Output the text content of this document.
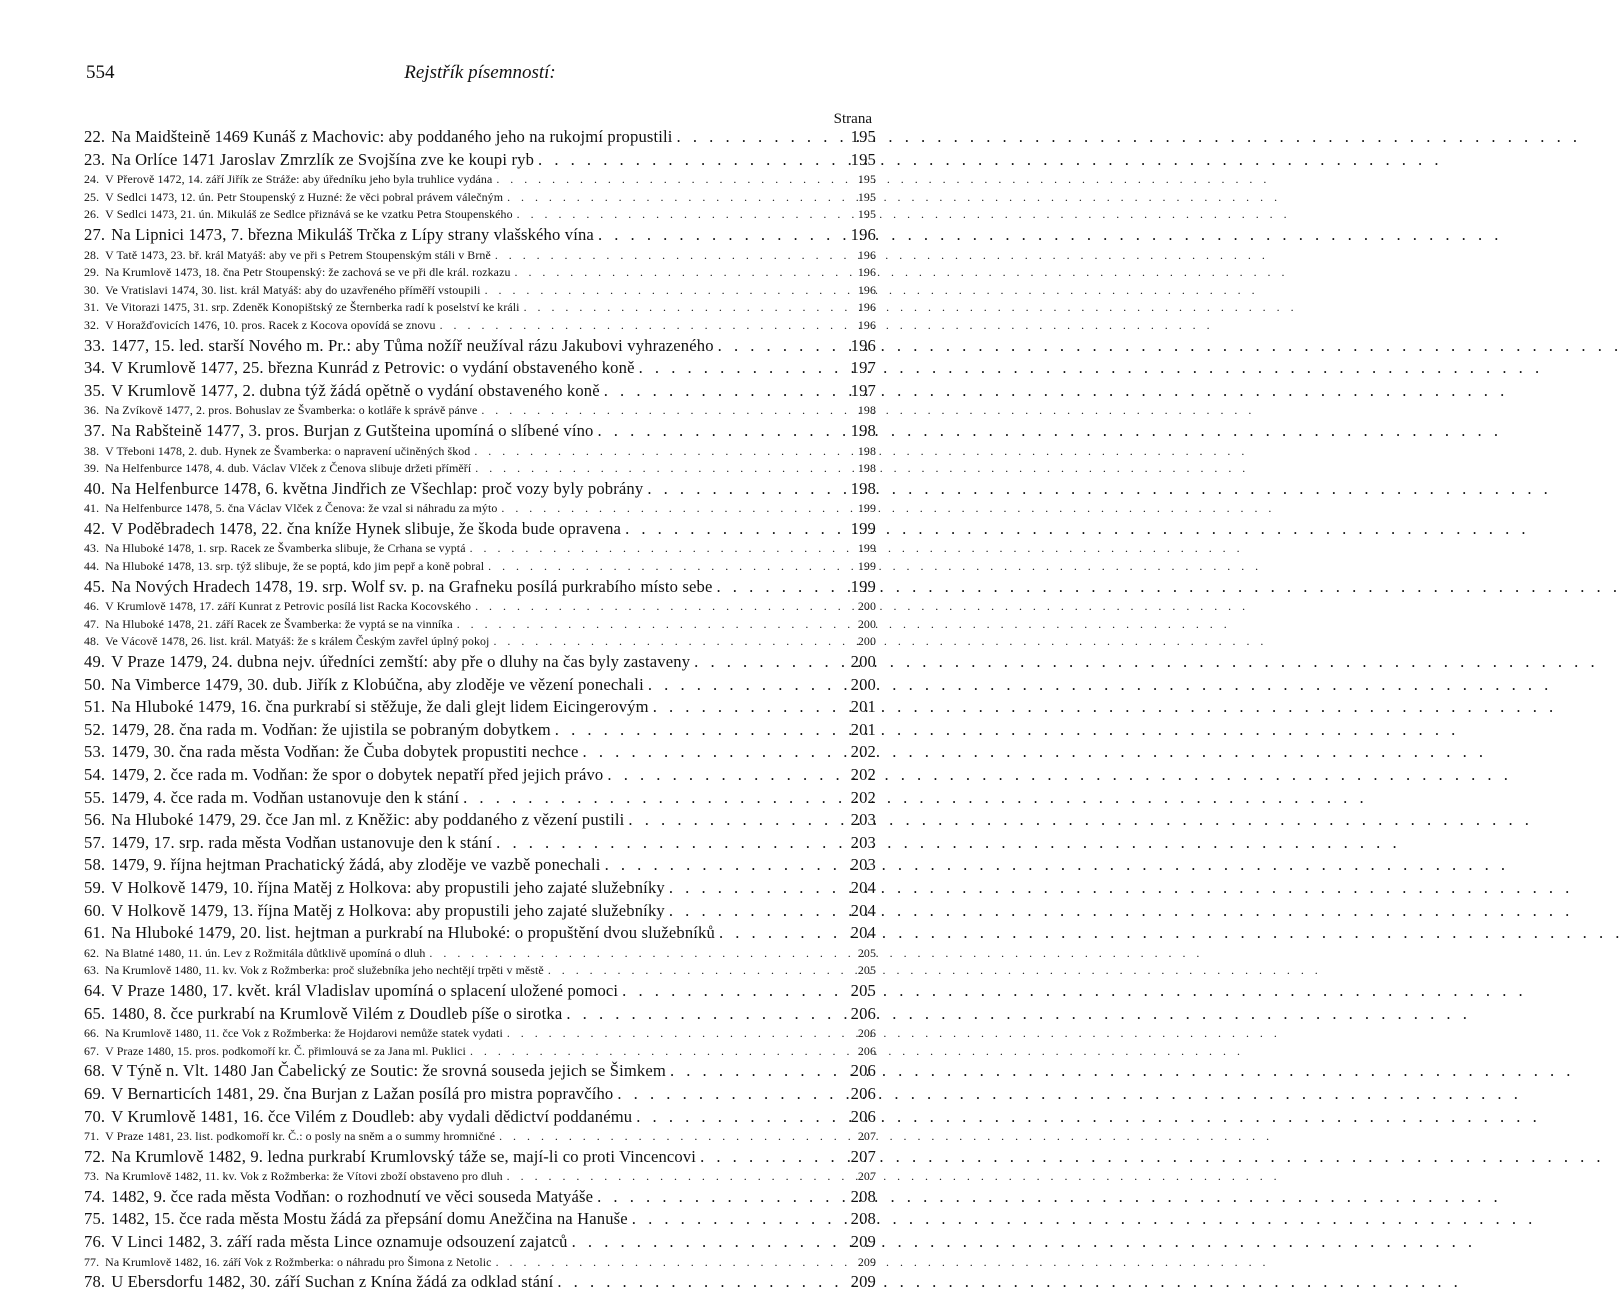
554	Rejstřík písemností:
Strana
22. Na Maidšteině 1469 Kunáš z Machovic: aby poddaného jeho na rukojmí propustili . . .	195
23. Na Orlíce 1471 Jaroslav Zmrzlík ze Svojšína zve ke koupi ryb . . .	195
24. V Přerově 1472, 14. září Jiřík ze Stráže: aby úředníku jeho byla truhlice vydána . . .	195
25. V Sedlci 1473, 12. ún. Petr Stoupenský z Huzné: že věci pobral právem válečným . . .	195
26. V Sedlci 1473, 21. ún. Mikuláš ze Sedlce přiznává se ke vzatku Petra Stoupenského . . .	195
27. Na Lipnici 1473, 7. března Mikuláš Trčka z Lípy strany vlašského vína . . .	196
28. V Tatě 1473, 23. bř. král Matyáš: aby ve při s Petrem Stoupenským stáli v Brně . . .	196
29. Na Krumlově 1473, 18. čna Petr Stoupenský: že zachová se ve při dle král. rozkazu . . .	196
30. Ve Vratislavi 1474, 30. list. král Matyáš: aby do uzavřeného příměří vstoupili . . .	196
31. Ve Vitorazi 1475, 31. srp. Zdeněk Konopištský ze Šternberka radí k poselství ke králi . . .	196
32. V Horažďovicích 1476, 10. pros. Racek z Kocova opovídá se znovu . . .	196
33. 1477, 15. led. starší Nového m. Pr.: aby Tůma nožíř neužíval rázu Jakubovi vyhrazeného . . .	196
34. V Krumlově 1477, 25. března Kunrád z Petrovic: o vydání obstaveného koně . . .	197
35. V Krumlově 1477, 2. dubna týž žádá opětně o vydání obstaveného koně . . .	197
36. Na Zvíkově 1477, 2. pros. Bohuslav ze Švamberka: o kotláře k správě pánve . . .	198
37. Na Rabšteině 1477, 3. pros. Burjan z Gutšteina upomíná o slíbené víno . . .	198
38. V Třeboni 1478, 2. dub. Hynek ze Švamberka: o napravení učiněných škod . . .	198
39. Na Helfenburce 1478, 4. dub. Václav Vlček z Čenova slibuje držeti příměří . . .	198
40. Na Helfenburce 1478, 6. května Jindřich ze Všechlap: proč vozy byly pobrány . . .	198
41. Na Helfenburce 1478, 5. čna Václav Vlček z Čenova: že vzal si náhradu za mýto . . .	199
42. V Poděbradech 1478, 22. čna kníže Hynek slibuje, že škoda bude opravena . . .	199
43. Na Hluboké 1478, 1. srp. Racek ze Švamberka slibuje, že Crhana se vyptá . . .	199
44. Na Hluboké 1478, 13. srp. týž slibuje, že se poptá, kdo jim pepř a koně pobral . . .	199
45. Na Nových Hradech 1478, 19. srp. Wolf sv. p. na Grafneku posílá purkrabího místo sebe . . .	199
46. V Krumlově 1478, 17. září Kunrat z Petrovic posílá list Racka Kocovského . . .	200
47. Na Hluboké 1478, 21. září Racek ze Švamberka: že vyptá se na vinníka . . .	200
48. Ve Vácově 1478, 26. list. král. Matyáš: že s králem Českým zavřel úplný pokoj . . .	200
49. V Praze 1479, 24. dubna nejv. úředníci zemští: aby pře o dluhy na čas byly zastaveny . . .	200
50. Na Vimberce 1479, 30. dub. Jiřík z Klobúčna, aby zloděje ve vězení ponechali . . .	200
51. Na Hluboké 1479, 16. čna purkrabí si stěžuje, že dali glejt lidem Eicingerovým . . .	201
52. 1479, 28. čna rada m. Vodňan: že ujistila se pobraným dobytkem . . .	201
53. 1479, 30. čna rada města Vodňan: že Čuba dobytek propustiti nechce . . .	202
54. 1479, 2. čce rada m. Vodňan: že spor o dobytek nepatří před jejich právo . . .	202
55. 1479, 4. čce rada m. Vodňan ustanovuje den k stání . . .	202
56. Na Hluboké 1479, 29. čce Jan ml. z Kněžic: aby poddaného z vězení pustili . . .	203
57. 1479, 17. srp. rada města Vodňan ustanovuje den k stání . . .	203
58. 1479, 9. října hejtman Prachatický žádá, aby zloděje ve vazbě ponechali . . .	203
59. V Holkově 1479, 10. října Matěj z Holkova: aby propustili jeho zajaté služebníky . . .	204
60. V Holkově 1479, 13. října Matěj z Holkova: aby propustili jeho zajaté služebníky . . .	204
61. Na Hluboké 1479, 20. list. hejtman a purkrabí na Hluboké: o propuštění dvou služebníků . . .	204
62. Na Blatné 1480, 11. ún. Lev z Rožmitála důtklivě upomíná o dluh . . .	205
63. Na Krumlově 1480, 11. kv. Vok z Rožmberka: proč služebníka jeho nechtějí trpěti v městě . . .	205
64. V Praze 1480, 17. květ. král Vladislav upomíná o splacení uložené pomoci . . .	205
65. 1480, 8. čce purkrabí na Krumlově Vilém z Doudleb píše o sirotka . . .	206
66. Na Krumlově 1480, 11. čce Vok z Rožmberka: že Hojdarovi nemůže statek vydati . . .	206
67. V Praze 1480, 15. pros. podkomoří kr. Č. přimlouvá se za Jana ml. Puklici . . .	206
68. V Týně n. Vlt. 1480 Jan Čabelický ze Soutic: že srovná souseda jejich se Šimkem . . .	206
69. V Bernarticích 1481, 29. čna Burjan z Lažan posílá pro mistra popravčího . . .	206
70. V Krumlově 1481, 16. čce Vilém z Doudleb: aby vydali dědictví poddanému . . .	206
71. V Praze 1481, 23. list. podkomoří kr. Č.: o posly na sněm a o summy hromničné . . .	207
72. Na Krumlově 1482, 9. ledna purkrabí Krumlovský táže se, mají-li co proti Vincencovi . . .	207
73. Na Krumlově 1482, 11. kv. Vok z Rožmberka: že Vítovi zboží obstaveno pro dluh . . .	207
74. 1482, 9. čce rada města Vodňan: o rozhodnutí ve věci souseda Matyáše . . .	208
75. 1482, 15. čce rada města Mostu žádá za přepsání domu Anežčina na Hanuše . . .	208
76. V Linci 1482, 3. září rada města Lince oznamuje odsouzení zajatců . . .	209
77. Na Krumlově 1482, 16. září Vok z Rožmberka: o náhradu pro Šimona z Netolic . . .	209
78. U Ebersdorfu 1482, 30. září Suchan z Knína žádá za odklad stání . . .	209
